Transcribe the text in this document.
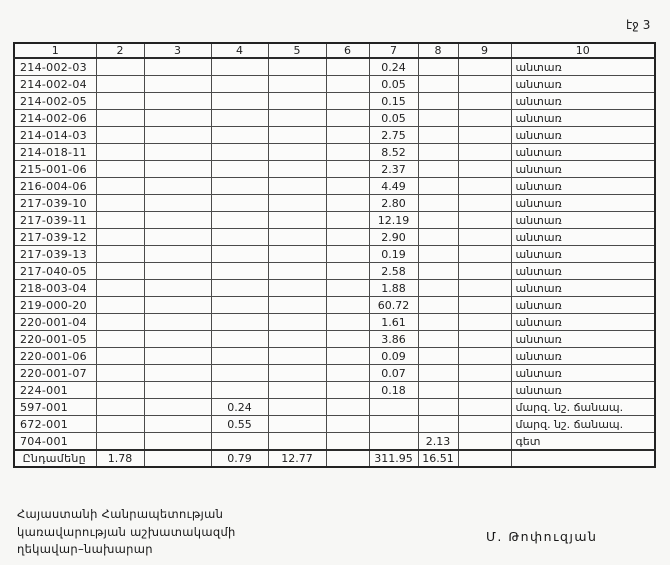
էջ 3
1	2	3	4	5	6	7	8	9	10
214-002-03						0.24			անտառ
214-002-04						0.05			անտառ
214-002-05						0.15			անտառ
214-002-06						0.05			անտառ
214-014-03						2.75			անտառ
214-018-11						8.52			անտառ
215-001-06						2.37			անտառ
216-004-06						4.49			անտառ
217-039-10						2.80			անտառ
217-039-11						12.19			անտառ
217-039-12						2.90			անտառ
217-039-13						0.19			անտառ
217-040-05						2.58			անտառ
218-003-04						1.88			անտառ
219-000-20						60.72			անտառ
220-001-04						1.61			անտառ
220-001-05						3.86			անտառ
220-001-06						0.09			անտառ
220-001-07						0.07			անտառ
224-001						0.18			անտառ
597-001			0.24						մարզ. նշ. ճանապ.
672-001			0.55						մարզ. նշ. ճանապ.
704-001							2.13		գետ
Ընդամենը	1.78		0.79	12.77		311.95	16.51		
Հայաստանի Հանրապետության
կառավարության աշխատակազմի
ղեկավար–նախարար
Մ. Թոփուզյան
